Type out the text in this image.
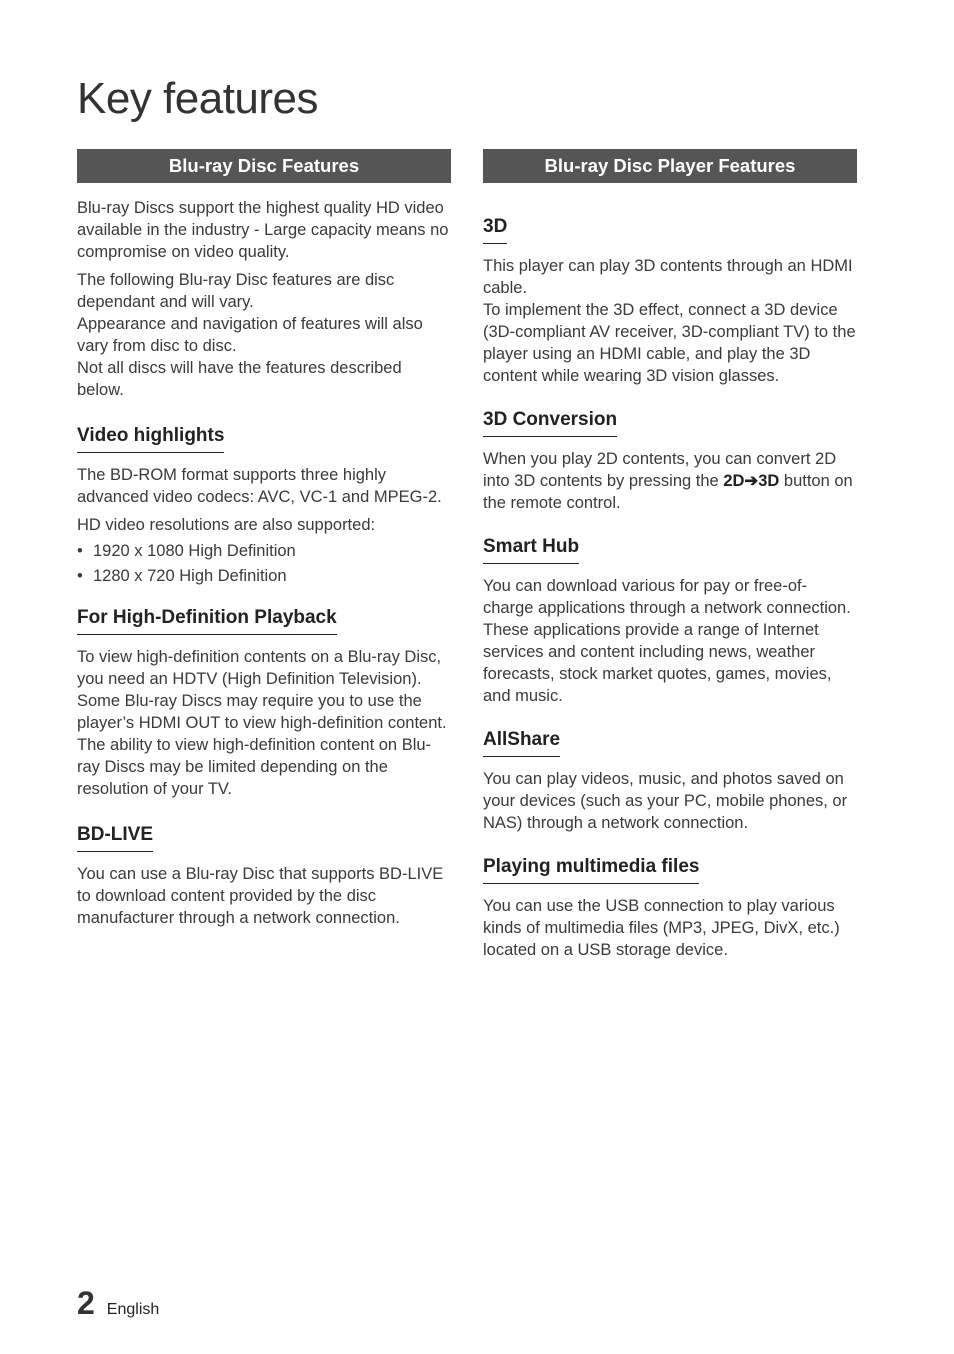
Key features
Blu-ray Disc Features

Blu-ray Discs support the highest quality HD video available in the industry - Large capacity means no compromise on video quality.

The following Blu-ray Disc features are disc dependant and will vary.

Appearance and navigation of features will also vary from disc to disc.

Not all discs will have the features described below.

Video highlights

The BD-ROM format supports three highly advanced video codecs: AVC, VC-1 and MPEG-2.

HD video resolutions are also supported:

• 1920 x 1080 High Definition
• 1280 x 720 High Definition
For High-Definition Playback

To view high-definition contents on a Blu-ray Disc, you need an HDTV (High Definition Television). Some Blu-ray Discs may require you to use the player’s HDMI OUT to view high-definition content. The ability to view high-definition content on Blu-ray Discs may be limited depending on the resolution of your TV.

BD-LIVE

You can use a Blu-ray Disc that supports BD-LIVE to download content provided by the disc manufacturer through a network connection.

Blu-ray Disc Player Features
3D

This player can play 3D contents through an HDMI cable.

To implement the 3D effect, connect a 3D device (3D-compliant AV receiver, 3D-compliant TV) to the player using an HDMI cable, and play the 3D content while wearing 3D vision glasses.

3D Conversion

When you play 2D contents, you can convert 2D into 3D contents by pressing the 2D➔3D button on the remote control.

Smart Hub

You can download various for pay or free-of-charge applications through a network connection. These applications provide a range of Internet services and content including news, weather forecasts, stock market quotes, games, movies, and music.

AllShare

You can play videos, music, and photos saved on your devices (such as your PC, mobile phones, or NAS) through a network connection.

Playing multimedia files

You can use the USB connection to play various kinds of multimedia files (MP3, JPEG, DivX, etc.) located on a USB storage device.

2 English
